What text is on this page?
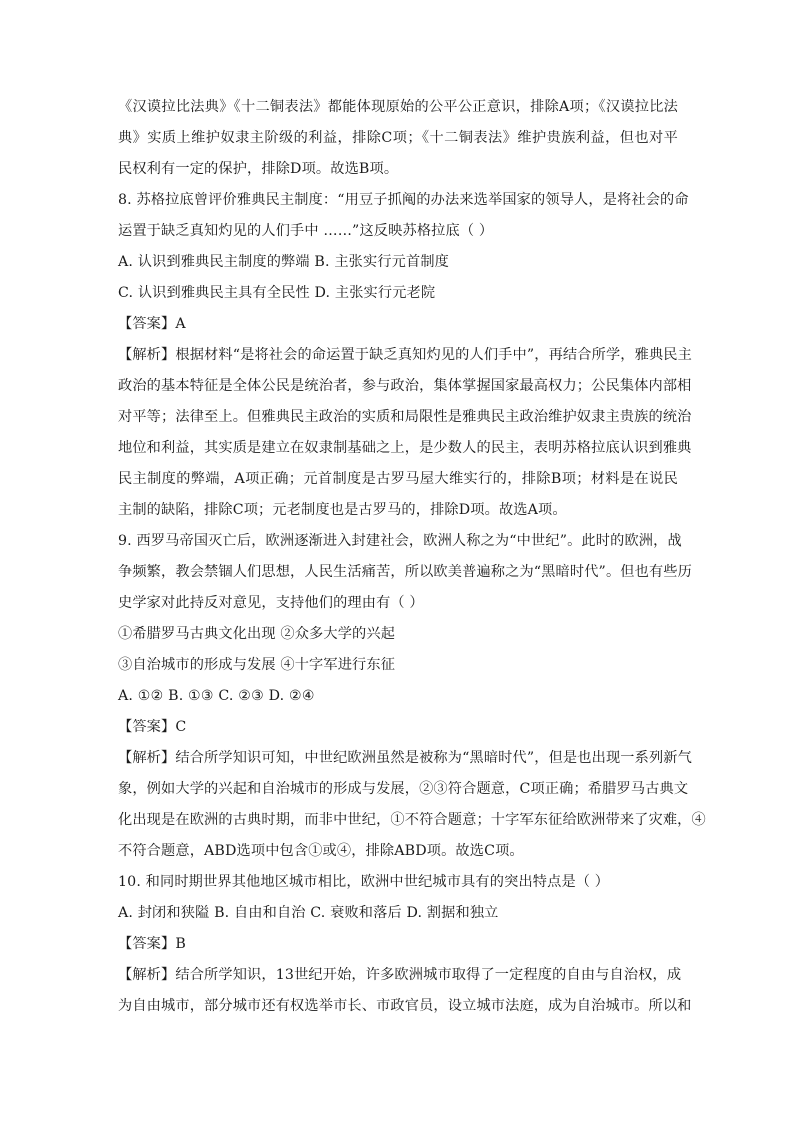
《汉谟拉比法典》《十二铜表法》都能体现原始的公平公正意识，排除A项；《汉谟拉比法
典》实质上维护奴隶主阶级的利益，排除C项；《十二铜表法》维护贵族利益，但也对平
民权利有一定的保护，排除D项。故选B项。
8. 苏格拉底曾评价雅典民主制度：“用豆子抓阄的办法来选举国家的领导人，是将社会的命
运置于缺乏真知灼见的人们手中 ……”这反映苏格拉底（ ）
A. 认识到雅典民主制度的弊端 B. 主张实行元首制度
C. 认识到雅典民主具有全民性 D. 主张实行元老院
【答案】A
【解析】根据材料“是将社会的命运置于缺乏真知灼见的人们手中”，再结合所学，雅典民主
政治的基本特征是全体公民是统治者，参与政治，集体掌握国家最高权力；公民集体内部相
对平等；法律至上。但雅典民主政治的实质和局限性是雅典民主政治维护奴隶主贵族的统治
地位和利益，其实质是建立在奴隶制基础之上，是少数人的民主，表明苏格拉底认识到雅典
民主制度的弊端，A项正确；元首制度是古罗马屋大维实行的，排除B项；材料是在说民
主制的缺陷，排除C项；元老制度也是古罗马的，排除D项。故选A项。
9. 西罗马帝国灭亡后，欧洲逐渐进入封建社会，欧洲人称之为“中世纪”。此时的欧洲，战
争频繁，教会禁锢人们思想，人民生活痛苦，所以欧美普遍称之为“黑暗时代”。但也有些历
史学家对此持反对意见，支持他们的理由有（ ）
①希腊罗马古典文化出现 ②众多大学的兴起
③自治城市的形成与发展 ④十字军进行东征
A. ①② B. ①③ C. ②③ D. ②④
【答案】C
【解析】结合所学知识可知，中世纪欧洲虽然是被称为“黑暗时代”，但是也出现一系列新气
象，例如大学的兴起和自治城市的形成与发展，②③符合题意，C项正确；希腊罗马古典文
化出现是在欧洲的古典时期，而非中世纪，①不符合题意；十字军东征给欧洲带来了灾难，④
不符合题意，ABD选项中包含①或④，排除ABD项。故选C项。
10. 和同时期世界其他地区城市相比，欧洲中世纪城市具有的突出特点是（ ）
A. 封闭和狭隘 B. 自由和自治 C. 衰败和落后 D. 割据和独立
【答案】B
【解析】结合所学知识，13世纪开始，许多欧洲城市取得了一定程度的自由与自治权，成
为自由城市，部分城市还有权选举市长、市政官员，设立城市法庭，成为自治城市。所以和
